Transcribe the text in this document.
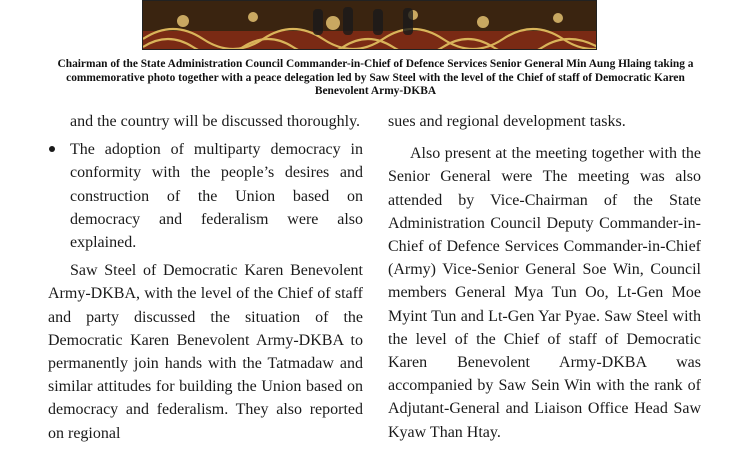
Chairman of the State Administration Council Commander-in-Chief of Defence Services Senior General Min Aung Hlaing taking a commemorative photo together with a peace delegation led by Saw Steel with the level of the Chief of staff of Democratic Karen Benevolent Army-DKBA

and the country will be discussed thoroughly.

The adoption of multiparty democracy in conformity with the people’s desires and construction of the Union based on democracy and federalism were also explained.

Saw Steel of Democratic Karen Benevolent Army-DKBA, with the level of the Chief of staff and party discussed the situation of the Democratic Karen Benevolent Army-DKBA to permanently join hands with the Tatmadaw and similar attitudes for building the Union based on democracy and federalism. They also reported on regional

sues and regional development tasks.

Also present at the meeting together with the Senior General were The meeting was also attended by Vice-Chairman of the State Administration Council Deputy Commander-in-Chief of Defence Services Commander-in-Chief (Army) Vice-Senior General Soe Win, Council members General Mya Tun Oo, Lt-Gen Moe Myint Tun and Lt-Gen Yar Pyae. Saw Steel with the level of the Chief of staff of Democratic Karen Benevolent Army-DKBA was accompanied by Saw Sein Win with the rank of Adjutant-General and Liaison Office Head Saw Kyaw Than Htay.
